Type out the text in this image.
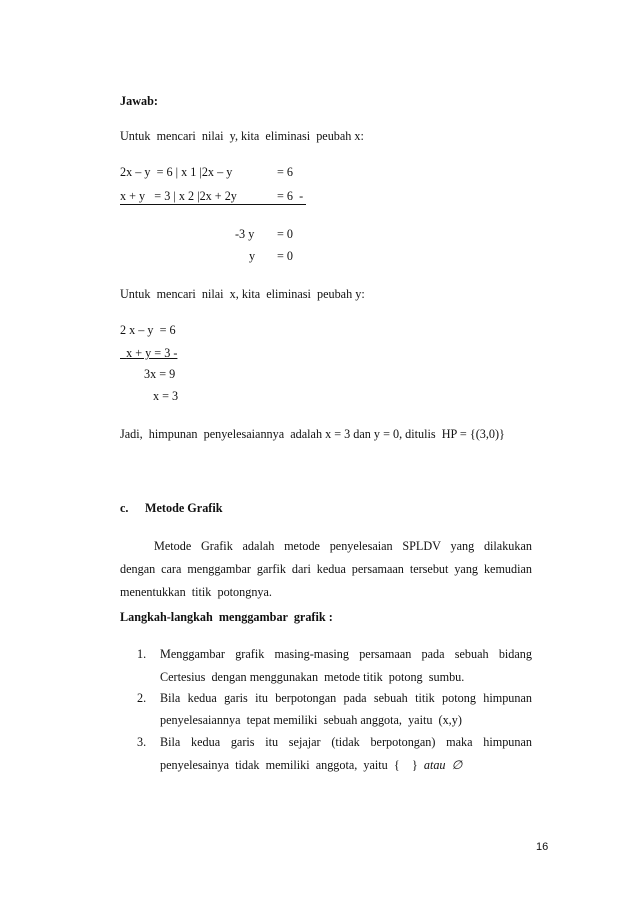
Jawab:
Untuk  mencari  nilai  y, kita  eliminasi  peubah x:
2x – y  = 6 | x 1 |2x – y	= 6
x + y   = 3 | x 2 |2x + 2y	= 6  -
-3 y = 0
y = 0
Untuk  mencari  nilai  x, kita  eliminasi  peubah y:
2 x – y  = 6
x + y = 3 -
3x = 9
x = 3
Jadi,  himpunan  penyelesaiannya  adalah x = 3 dan y = 0, ditulis  HP = {(3,0)}
c. Metode Grafik
Metode Grafik adalah metode penyelesaian SPLDV yang dilakukan
dengan cara menggambar garfik dari kedua persamaan tersebut yang kemudian
menentukkan  titik  potongnya.
Langkah-langkah  menggambar  grafik :
1. Menggambar grafik masing-masing persamaan pada sebuah bidang
Certesius  dengan menggunakan  metode titik  potong  sumbu.
2. Bila kedua garis itu berpotongan pada sebuah titik potong himpunan
penyelesaiannya  tepat memiliki  sebuah anggota,  yaitu  (x,y)
3. Bila kedua garis itu sejajar (tidak berpotongan) maka himpunan
penyelesainya  tidak  memiliki  anggota,  yaitu  {    } atau  ∅
16
